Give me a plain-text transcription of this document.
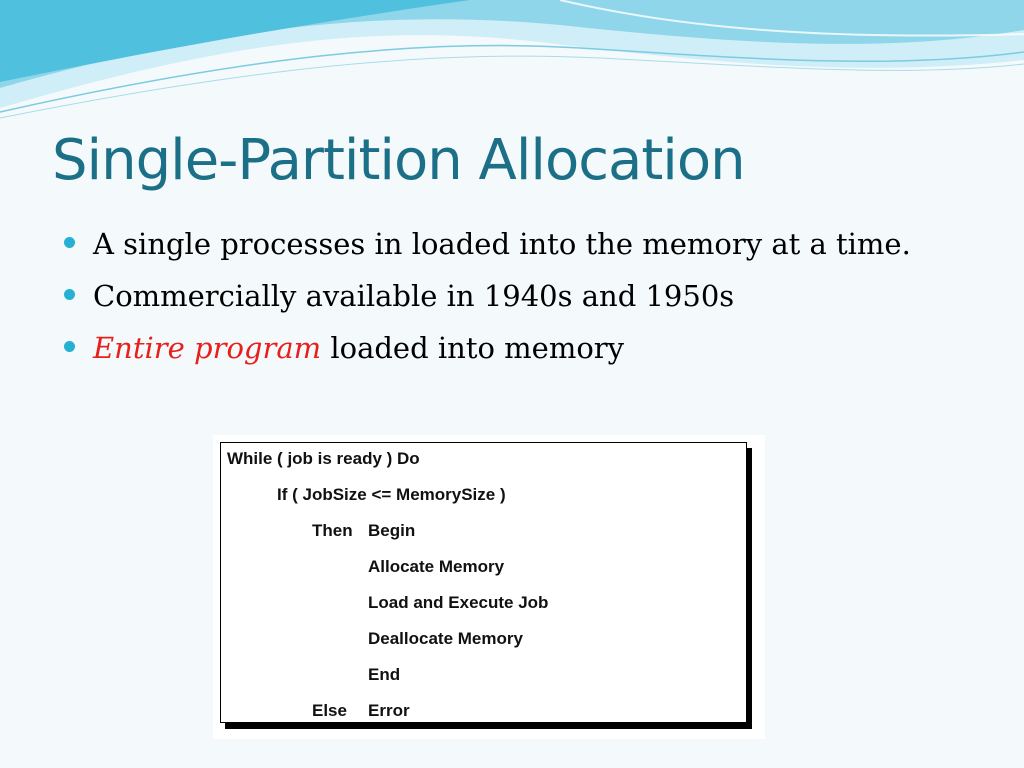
Single-Partition Allocation
A single processes in loaded into the memory at a time.
Commercially available in 1940s and 1950s
Entire program loaded into memory
While ( job is ready ) Do
If ( JobSize <= MemorySize )
Then Begin
Allocate Memory
Load and Execute Job
Deallocate Memory
End
Else Error
